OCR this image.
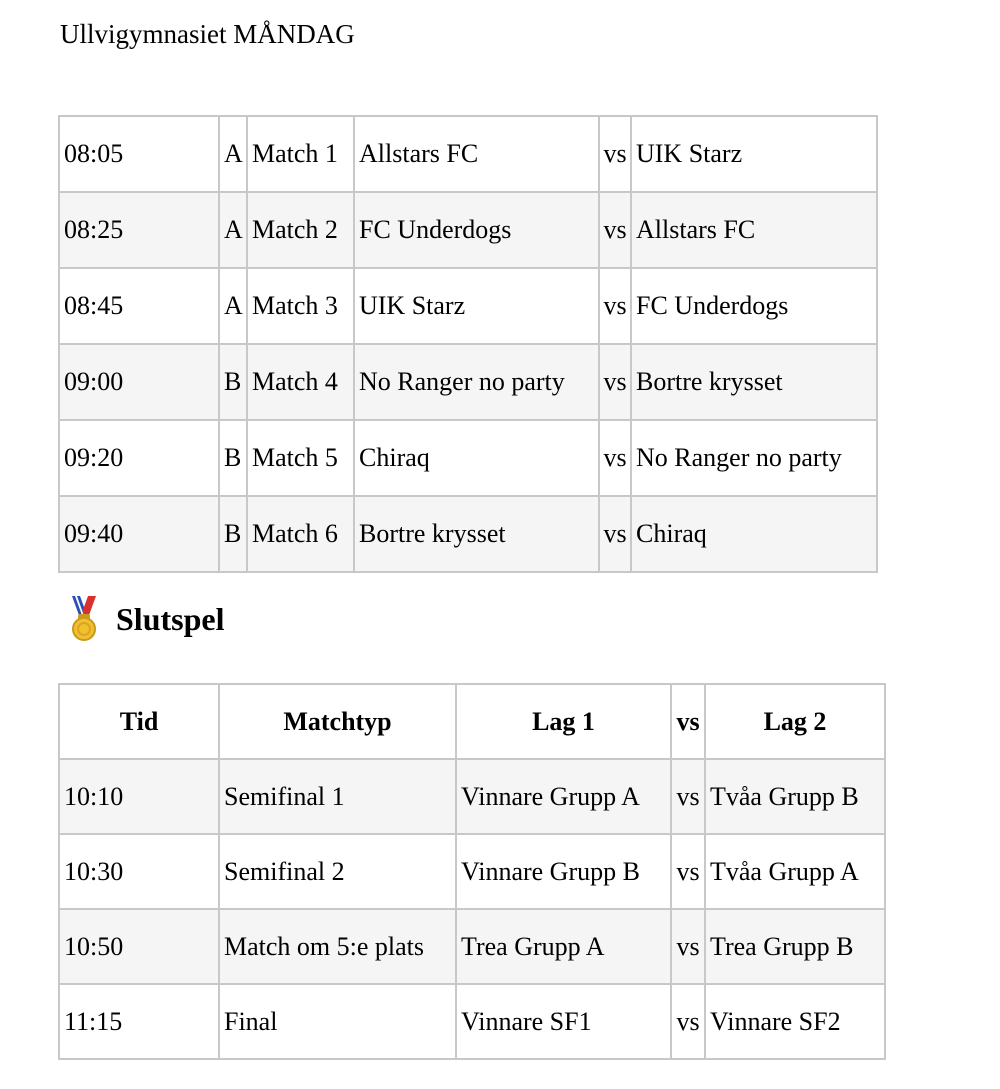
Ullvigymnasiet MÅNDAG
08:05	A	Match 1	Allstars FC	vs	UIK Starz
08:25	A	Match 2	FC Underdogs	vs	Allstars FC
08:45	A	Match 3	UIK Starz	vs	FC Underdogs
09:00	B	Match 4	No Ranger no party	vs	Bortre krysset
09:20	B	Match 5	Chiraq	vs	No Ranger no party
09:40	B	Match 6	Bortre krysset	vs	Chiraq
Slutspel
Tid	Matchtyp	Lag 1	vs	Lag 2
10:10	Semifinal 1	Vinnare Grupp A	vs	Tvåa Grupp B
10:30	Semifinal 2	Vinnare Grupp B	vs	Tvåa Grupp A
10:50	Match om 5:e plats	Trea Grupp A	vs	Trea Grupp B
11:15	Final	Vinnare SF1	vs	Vinnare SF2
